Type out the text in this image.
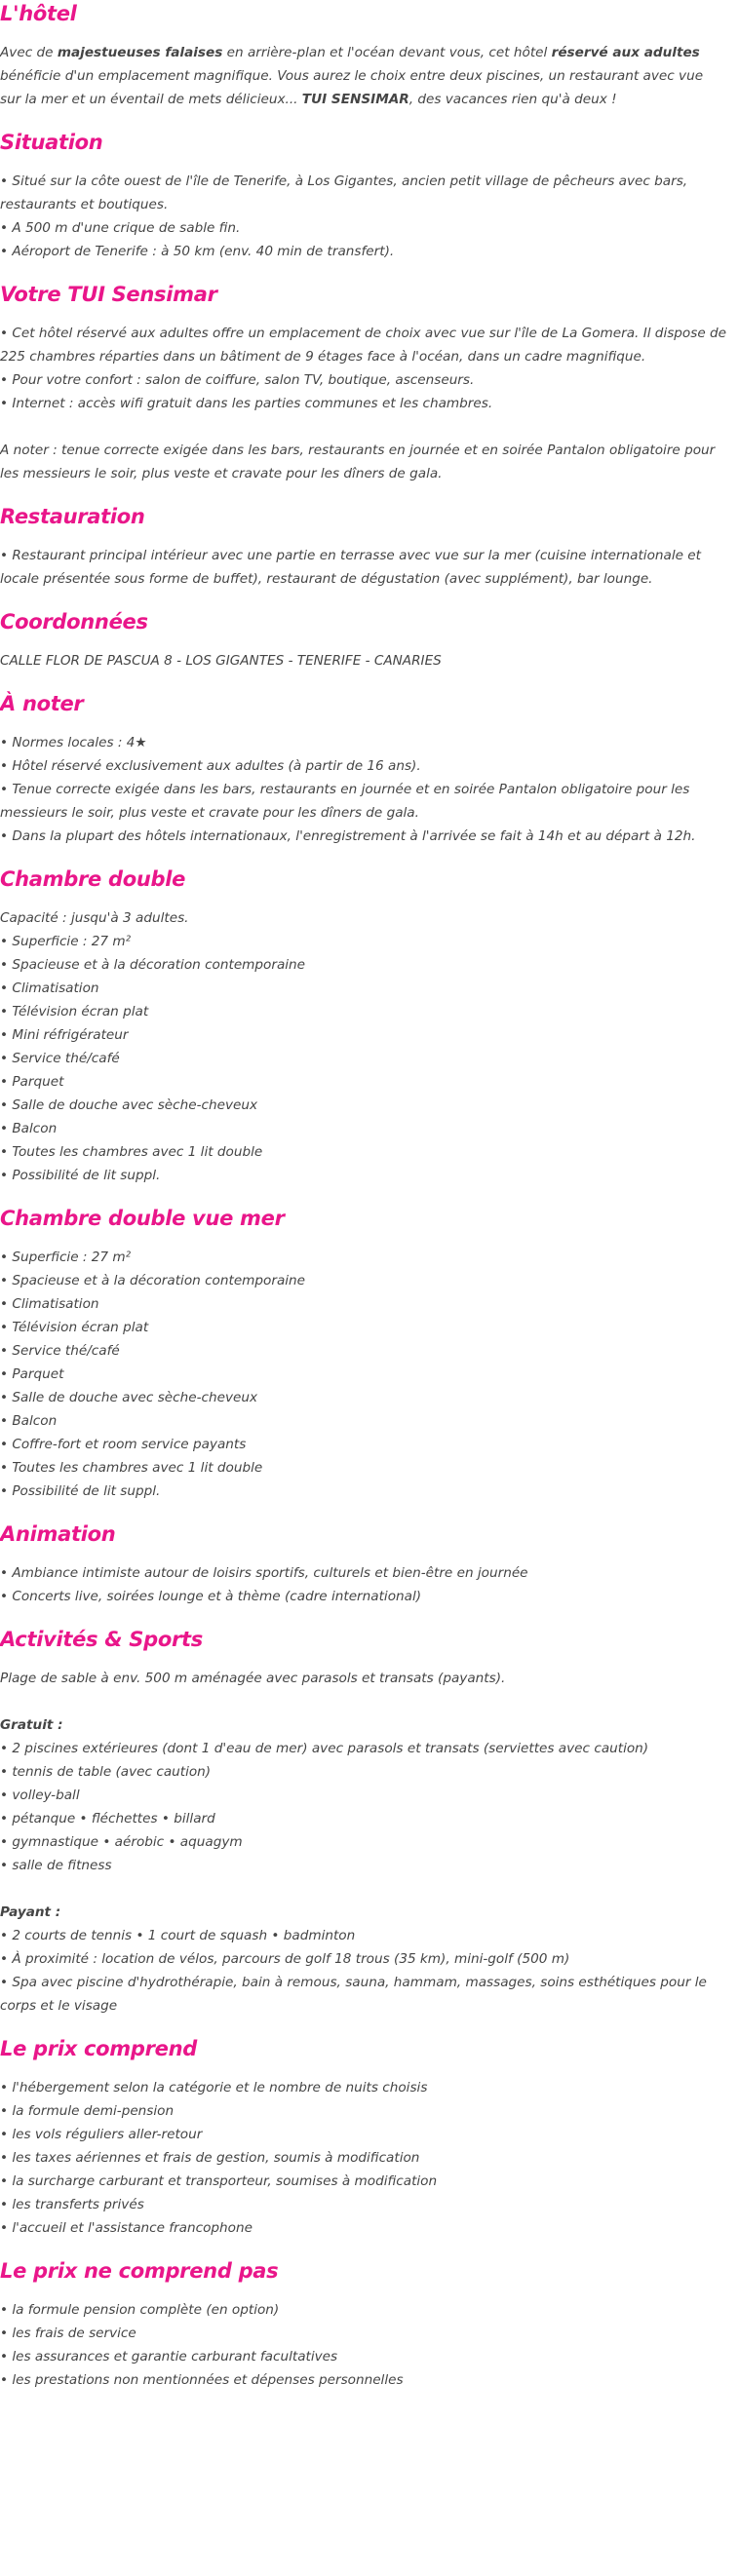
L'hôtel

Avec de majestueuses falaises en arrière-plan et l'océan devant vous, cet hôtel réservé aux adultes bénéficie d'un emplacement magnifique. Vous aurez le choix entre deux piscines, un restaurant avec vue sur la mer et un éventail de mets délicieux... TUI SENSIMAR, des vacances rien qu'à deux !

Situation
• Situé sur la côte ouest de l'île de Tenerife, à Los Gigantes, ancien petit village de pêcheurs avec bars, restaurants et boutiques.
• A 500 m d'une crique de sable fin.
• Aéroport de Tenerife : à 50 km (env. 40 min de transfert).
Votre TUI Sensimar
• Cet hôtel réservé aux adultes offre un emplacement de choix avec vue sur l'île de La Gomera. Il dispose de 225 chambres réparties dans un bâtiment de 9 étages face à l'océan, dans un cadre magnifique.
• Pour votre confort : salon de coiffure, salon TV, boutique, ascenseurs.
• Internet : accès wifi gratuit dans les parties communes et les chambres.

A noter : tenue correcte exigée dans les bars, restaurants en journée et en soirée Pantalon obligatoire pour les messieurs le soir, plus veste et cravate pour les dîners de gala.

Restauration
• Restaurant principal intérieur avec une partie en terrasse avec vue sur la mer (cuisine internationale et locale présentée sous forme de buffet), restaurant de dégustation (avec supplément), bar lounge.
Coordonnées

CALLE FLOR DE PASCUA 8 - LOS GIGANTES - TENERIFE - CANARIES

À noter
• Normes locales : 4★
• Hôtel réservé exclusivement aux adultes (à partir de 16 ans).
• Tenue correcte exigée dans les bars, restaurants en journée et en soirée Pantalon obligatoire pour les messieurs le soir, plus veste et cravate pour les dîners de gala.
• Dans la plupart des hôtels internationaux, l'enregistrement à l'arrivée se fait à 14h et au départ à 12h.
Chambre double
Capacité : jusqu'à 3 adultes.
• Superficie : 27 m²
• Spacieuse et à la décoration contemporaine
• Climatisation
• Télévision écran plat
• Mini réfrigérateur
• Service thé/café
• Parquet
• Salle de douche avec sèche-cheveux
• Balcon
• Toutes les chambres avec 1 lit double
• Possibilité de lit suppl.
Chambre double vue mer
• Superficie : 27 m²
• Spacieuse et à la décoration contemporaine
• Climatisation
• Télévision écran plat
• Service thé/café
• Parquet
• Salle de douche avec sèche-cheveux
• Balcon
• Coffre-fort et room service payants
• Toutes les chambres avec 1 lit double
• Possibilité de lit suppl.
Animation
• Ambiance intimiste autour de loisirs sportifs, culturels et bien-être en journée
• Concerts live, soirées lounge et à thème (cadre international)
Activités & Sports

Plage de sable à env. 500 m aménagée avec parasols et transats (payants).

Gratuit :

• 2 piscines extérieures (dont 1 d'eau de mer) avec parasols et transats (serviettes avec caution)
• tennis de table (avec caution)
• volley-ball
• pétanque • fléchettes • billard
• gymnastique • aérobic • aquagym
• salle de fitness

Payant :

• 2 courts de tennis • 1 court de squash • badminton
• À proximité : location de vélos, parcours de golf 18 trous (35 km), mini-golf (500 m)
• Spa avec piscine d'hydrothérapie, bain à remous, sauna, hammam, massages, soins esthétiques pour le corps et le visage
Le prix comprend
• l'hébergement selon la catégorie et le nombre de nuits choisis
• la formule demi-pension
• les vols réguliers aller-retour
• les taxes aériennes et frais de gestion, soumis à modification
• la surcharge carburant et transporteur, soumises à modification
• les transferts privés
• l'accueil et l'assistance francophone
Le prix ne comprend pas
• la formule pension complète (en option)
• les frais de service
• les assurances et garantie carburant facultatives
• les prestations non mentionnées et dépenses personnelles
